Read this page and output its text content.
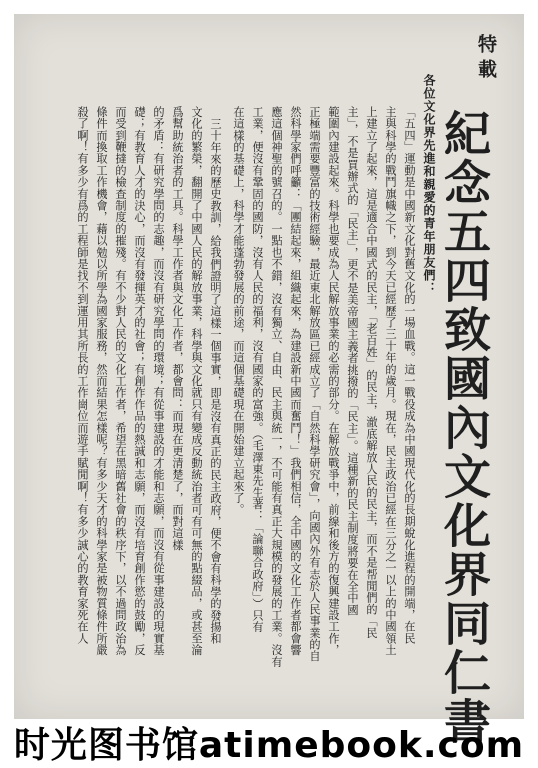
特載
紀念五四致國內文化界同仁書
各位文化界先進和親愛的青年朋友們：
「五四」運動是中國新文化對舊文化的一場血戰。這一戰役成為中國現代化的長期蛻化進程的開端，在民
主與科學的戰鬥旗幟之下，到今天已經歷了三十年的歲月。現在，民主政治已經在三分之一以上的中國領土
上建立了起來，這是適合中國式的民主，「老百姓」的民主，澈底解放人民的民主，而不是帮閒們的「民
主」，不是買辦式的「民主」，更不是美帝國主義者挑撥的「民主」。這種新的民主制度將要在全中國
範圍內建設起來。科學也要成為人民解放事業的必需的部分。在解放戰爭中，前線和後方的復興建設工作，
正極端需要豐富的技術經驗，最近東北解放區已經成立了「自然科學研究會」，向國內外有志於人民事業的自
然科學家們呼籲：「團結起來，組織起來，為建設新中國而奮鬥！」我們相信，全中國的文化工作者都會響
應這個神聖的號召的。一點也不錯，沒有獨立、自由、民主與統一，不可能有真正大規模的發展的工業。沒有
工業，便沒有鞏固的國防，沒有人民的福利，沒有國家的富強。（毛澤東先生著：「論聯合政府」）只有
在這樣的基礎上，科學才能蓬勃發展的前途，而這個基礎現在開始建立起來了。
三十年來的歷史教訓，給我們證明了這樣一個事實，即是沒有真正的民主政府，便不會有科學的發揚和
文化的繁榮，翻開了中國人民的解放事業，科學與文化就只有變成反動統治者可有可無的點綴品，或甚至淪
爲幫助統治者的工具。科學工作者與文化工作者，都會問：而現在更清楚了，而對這樣
的矛盾：有研究學問的志趣，而沒有研究學問的環境；有從事建設的才能和志願，而沒有從事建設的現實基
礎；有教育人才的決心，而沒有發揮英才的社會；有創作作品的熱誠和志願，而沒有培育創作慾的鼓勵，反
而受到鞭撻的檢查制度的摧殘。有不少對人民的文化工作者，希望在黑暗舊社會的秩序下，以不過問政治為
條件而換取工作機會，藉以勉以所學為國家服務，然而結果怎樣呢？有多少天才的科學家是被物質條件所嚴
殺了啊！有多少有爲的工程師是找不到運用其所長的工作崗位而遊手賦閒啊！有多少誠心的教育家死在人
时光图书馆atimebook.com
